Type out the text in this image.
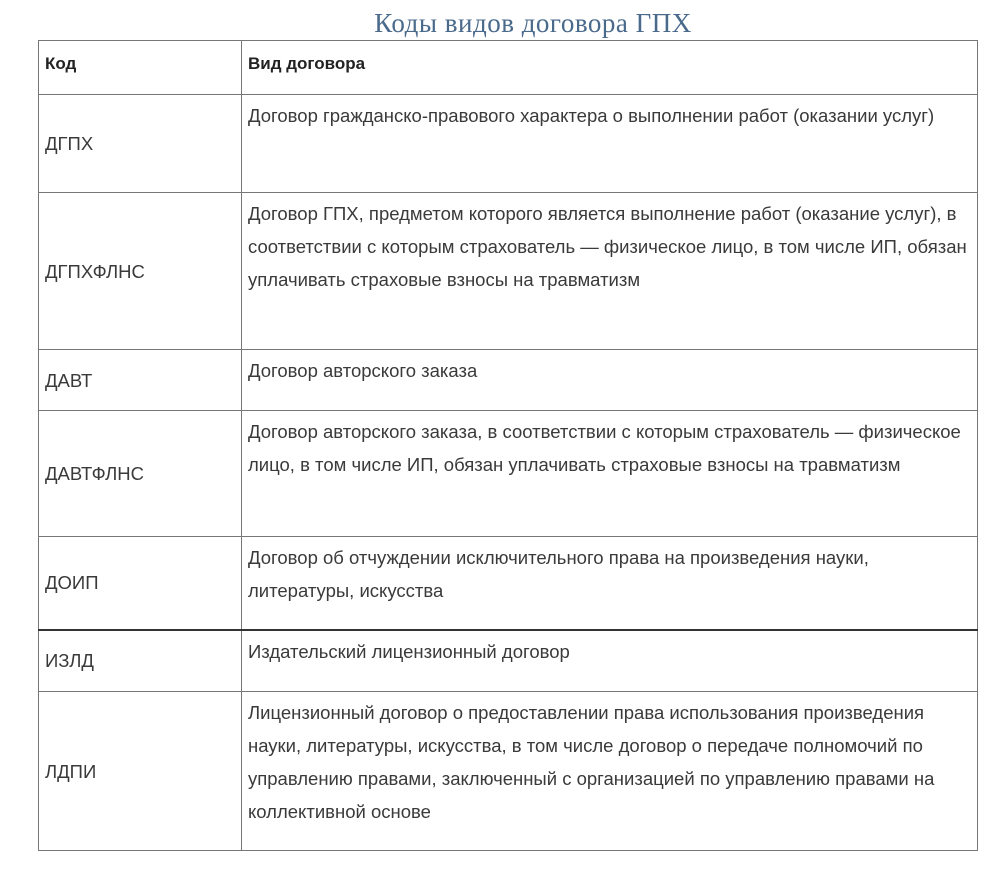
Коды видов договора ГПХ
Код	Вид договора
ДГПХ	Договор гражданско-правового характера о выполнении работ (оказании услуг)
ДГПХФЛНС	Договор ГПХ, предметом которого является выполнение работ (оказание услуг), в соответствии с которым страхователь — физическое лицо, в том числе ИП, обязан уплачивать страховые взносы на травматизм
ДАВТ	Договор авторского заказа
ДАВТФЛНС	Договор авторского заказа, в соответствии с которым страхователь — физическое лицо, в том числе ИП, обязан уплачивать страховые взносы на травматизм
ДОИП	Договор об отчуждении исключительного права на произведения науки, литературы, искусства
ИЗЛД	Издательский лицензионный договор
ЛДПИ	Лицензионный договор о предоставлении права использования произведения науки, литературы, искусства, в том числе договор о передаче полномочий по управлению правами, заключенный с организацией по управлению правами на коллективной основе
